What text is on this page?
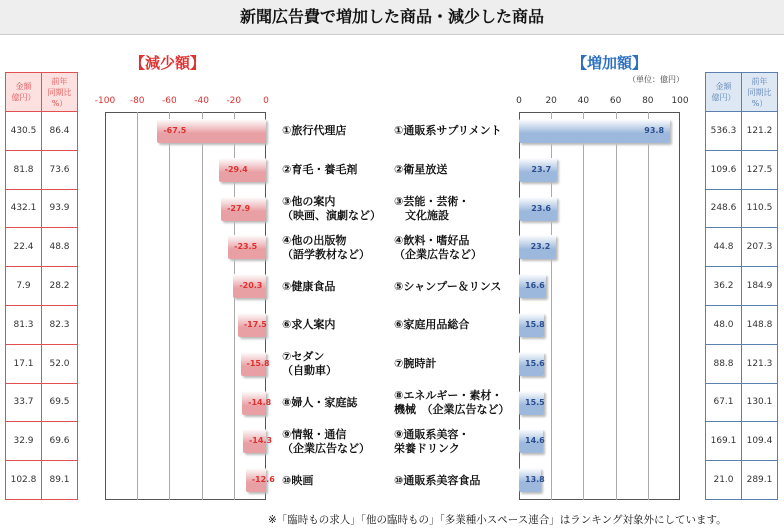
新聞広告費で増加した商品・減少した商品
【減少額】	【増加額】
（単位：億円）
金額
億円）
前年
同期比
%）
430.5	86.4
81.8	73.6
432.1	93.9
22.4	48.8
7.9	28.2
81.3	82.3
17.1	52.0
33.7	69.5
32.9	69.6
102.8	89.1
金額
億円）
前年
同期比
%）
536.3	121.2
109.6	127.5
248.6	110.5
44.8	207.3
36.2	184.9
48.0	148.8
88.8	121.3
67.1	130.1
169.1	109.4
21.0	289.1
-100	-80	-60	-40	-20	0
-67.5	①旅行代理店
-29.4	②育毛・養毛剤
-27.9
③他の案内
（映画、演劇など）
-23.5
④他の出版物
（語学教材など）
-20.3	⑤健康食品
-17.5 ⑥求人案内
-15.8
⑦セダン
（自動車）
-14.8 ⑧婦人・家庭誌
-14.3
⑨情報・通信
（企業広告など）
-12.6 ⑩映画
0	20	40	60	80	100
93.8
①通販系サプリメント
23.7
②衛星放送
23.6
③芸能・芸術・
　文化施設
23.2
④飲料・嗜好品
（企業広告など）
16.6
⑤シャンプー＆リンス
15.8
⑥家庭用品総合
15.6
⑦腕時計
15.5
⑧エネルギー・素材・
機械　（企業広告など）
14.6
⑨通販系美容・
栄養ドリンク
13.8
⑩通販系美容食品
※「臨時もの求人」「他の臨時もの」「多業種小スペース連合」はランキング対象外にしています。
